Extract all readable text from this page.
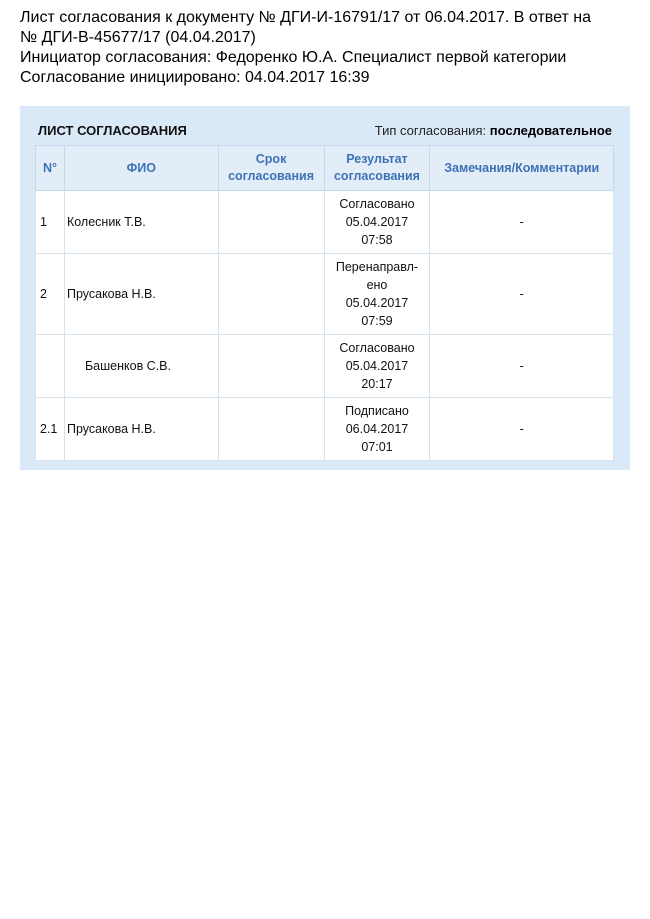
Лист согласования к документу № ДГИ-И-16791/17 от 06.04.2017. В ответ на
№ ДГИ-В-45677/17 (04.04.2017)
Инициатор согласования: Федоренко Ю.А. Специалист первой категории
Согласование инициировано: 04.04.2017 16:39
ЛИСТ СОГЛАСОВАНИЯ	Тип согласования: последовательное
N°	ФИО	Срок согласования	Результат согласования	Замечания/Комментарии
1	Колесник Т.В.		Согласовано
05.04.2017
07:58	-
2	Прусакова Н.В.		Перенаправл-
ено
05.04.2017
07:59	-
	Башенков С.В.		Согласовано
05.04.2017
20:17	-
2.1	Прусакова Н.В.		Подписано
06.04.2017
07:01	-
